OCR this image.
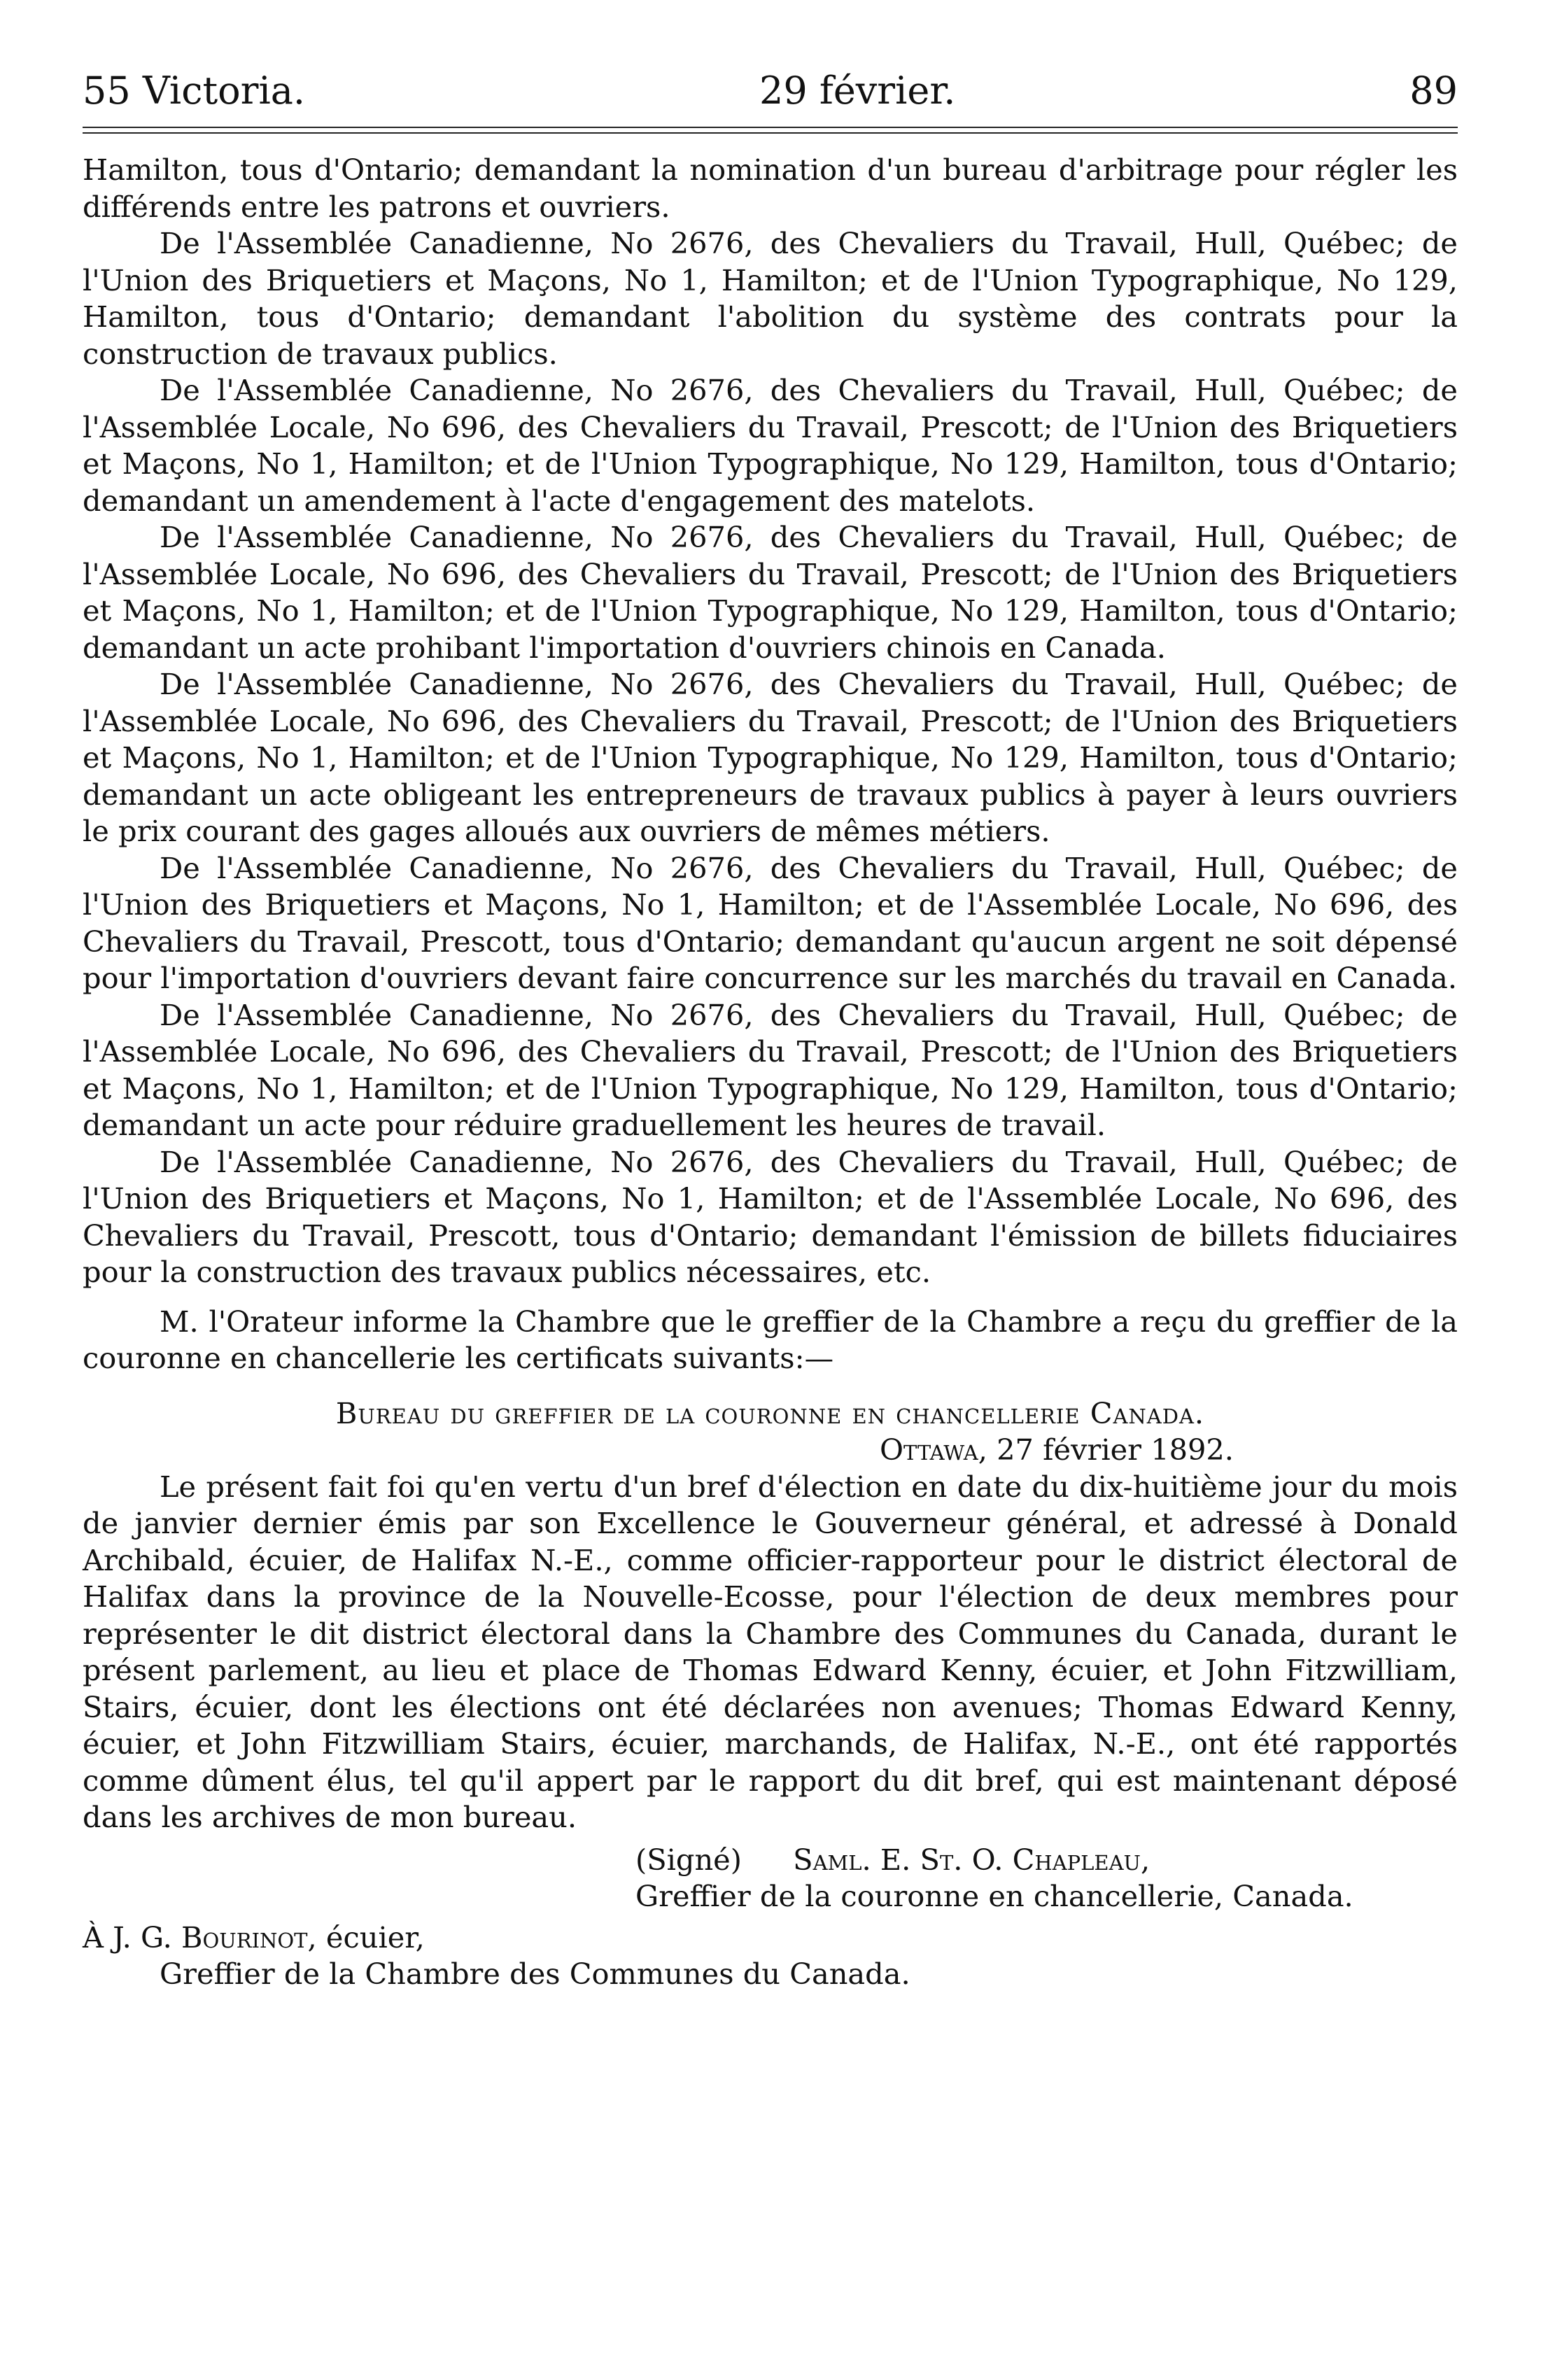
55 Victoria.	29 février.	89

Hamilton, tous d'Ontario; demandant la nomination d'un bureau d'arbitrage pour régler les différends entre les patrons et ouvriers.

De l'Assemblée Canadienne, No 2676, des Chevaliers du Travail, Hull, Québec; de l'Union des Briquetiers et Maçons, No 1, Hamilton; et de l'Union Typographique, No 129, Hamilton, tous d'Ontario; demandant l'abolition du système des contrats pour la construction de travaux publics.

De l'Assemblée Canadienne, No 2676, des Chevaliers du Travail, Hull, Québec; de l'Assemblée Locale, No 696, des Chevaliers du Travail, Prescott; de l'Union des Briquetiers et Maçons, No 1, Hamilton; et de l'Union Typographique, No 129, Hamilton, tous d'Ontario; demandant un amendement à l'acte d'engagement des matelots.

De l'Assemblée Canadienne, No 2676, des Chevaliers du Travail, Hull, Québec; de l'Assemblée Locale, No 696, des Chevaliers du Travail, Prescott; de l'Union des Briquetiers et Maçons, No 1, Hamilton; et de l'Union Typographique, No 129, Hamilton, tous d'Ontario; demandant un acte prohibant l'importation d'ouvriers chinois en Canada.

De l'Assemblée Canadienne, No 2676, des Chevaliers du Travail, Hull, Québec; de l'Assemblée Locale, No 696, des Chevaliers du Travail, Prescott; de l'Union des Briquetiers et Maçons, No 1, Hamilton; et de l'Union Typographique, No 129, Hamilton, tous d'Ontario; demandant un acte obligeant les entrepreneurs de travaux publics à payer à leurs ouvriers le prix courant des gages alloués aux ouvriers de mêmes métiers.

De l'Assemblée Canadienne, No 2676, des Chevaliers du Travail, Hull, Québec; de l'Union des Briquetiers et Maçons, No 1, Hamilton; et de l'Assemblée Locale, No 696, des Chevaliers du Travail, Prescott, tous d'Ontario; demandant qu'aucun argent ne soit dépensé pour l'importation d'ouvriers devant faire concurrence sur les marchés du travail en Canada.

De l'Assemblée Canadienne, No 2676, des Chevaliers du Travail, Hull, Québec; de l'Assemblée Locale, No 696, des Chevaliers du Travail, Prescott; de l'Union des Briquetiers et Maçons, No 1, Hamilton; et de l'Union Typographique, No 129, Hamilton, tous d'Ontario; demandant un acte pour réduire graduellement les heures de travail.

De l'Assemblée Canadienne, No 2676, des Chevaliers du Travail, Hull, Québec; de l'Union des Briquetiers et Maçons, No 1, Hamilton; et de l'Assemblée Locale, No 696, des Chevaliers du Travail, Prescott, tous d'Ontario; demandant l'émission de billets fiduciaires pour la construction des travaux publics nécessaires, etc.

M. l'Orateur informe la Chambre que le greffier de la Chambre a reçu du greffier de la couronne en chancellerie les certificats suivants:—

Bureau du greffier de la couronne en chancellerie Canada.

Ottawa, 27 février 1892.

Le présent fait foi qu'en vertu d'un bref d'élection en date du dix-huitième jour du mois de janvier dernier émis par son Excellence le Gouverneur général, et adressé à Donald Archibald, écuier, de Halifax N.-E., comme officier-rapporteur pour le district électoral de Halifax dans la province de la Nouvelle-Ecosse, pour l'élection de deux membres pour représenter le dit district électoral dans la Chambre des Communes du Canada, durant le présent parlement, au lieu et place de Thomas Edward Kenny, écuier, et John Fitzwilliam, Stairs, écuier, dont les élections ont été déclarées non avenues; Thomas Edward Kenny, écuier, et John Fitzwilliam Stairs, écuier, marchands, de Halifax, N.-E., ont été rapportés comme dûment élus, tel qu'il appert par le rapport du dit bref, qui est maintenant déposé dans les archives de mon bureau.

(Signé) Saml. E. St. O. Chapleau,

Greffier de la couronne en chancellerie, Canada.

À J. G. Bourinot, écuier,

Greffier de la Chambre des Communes du Canada.
